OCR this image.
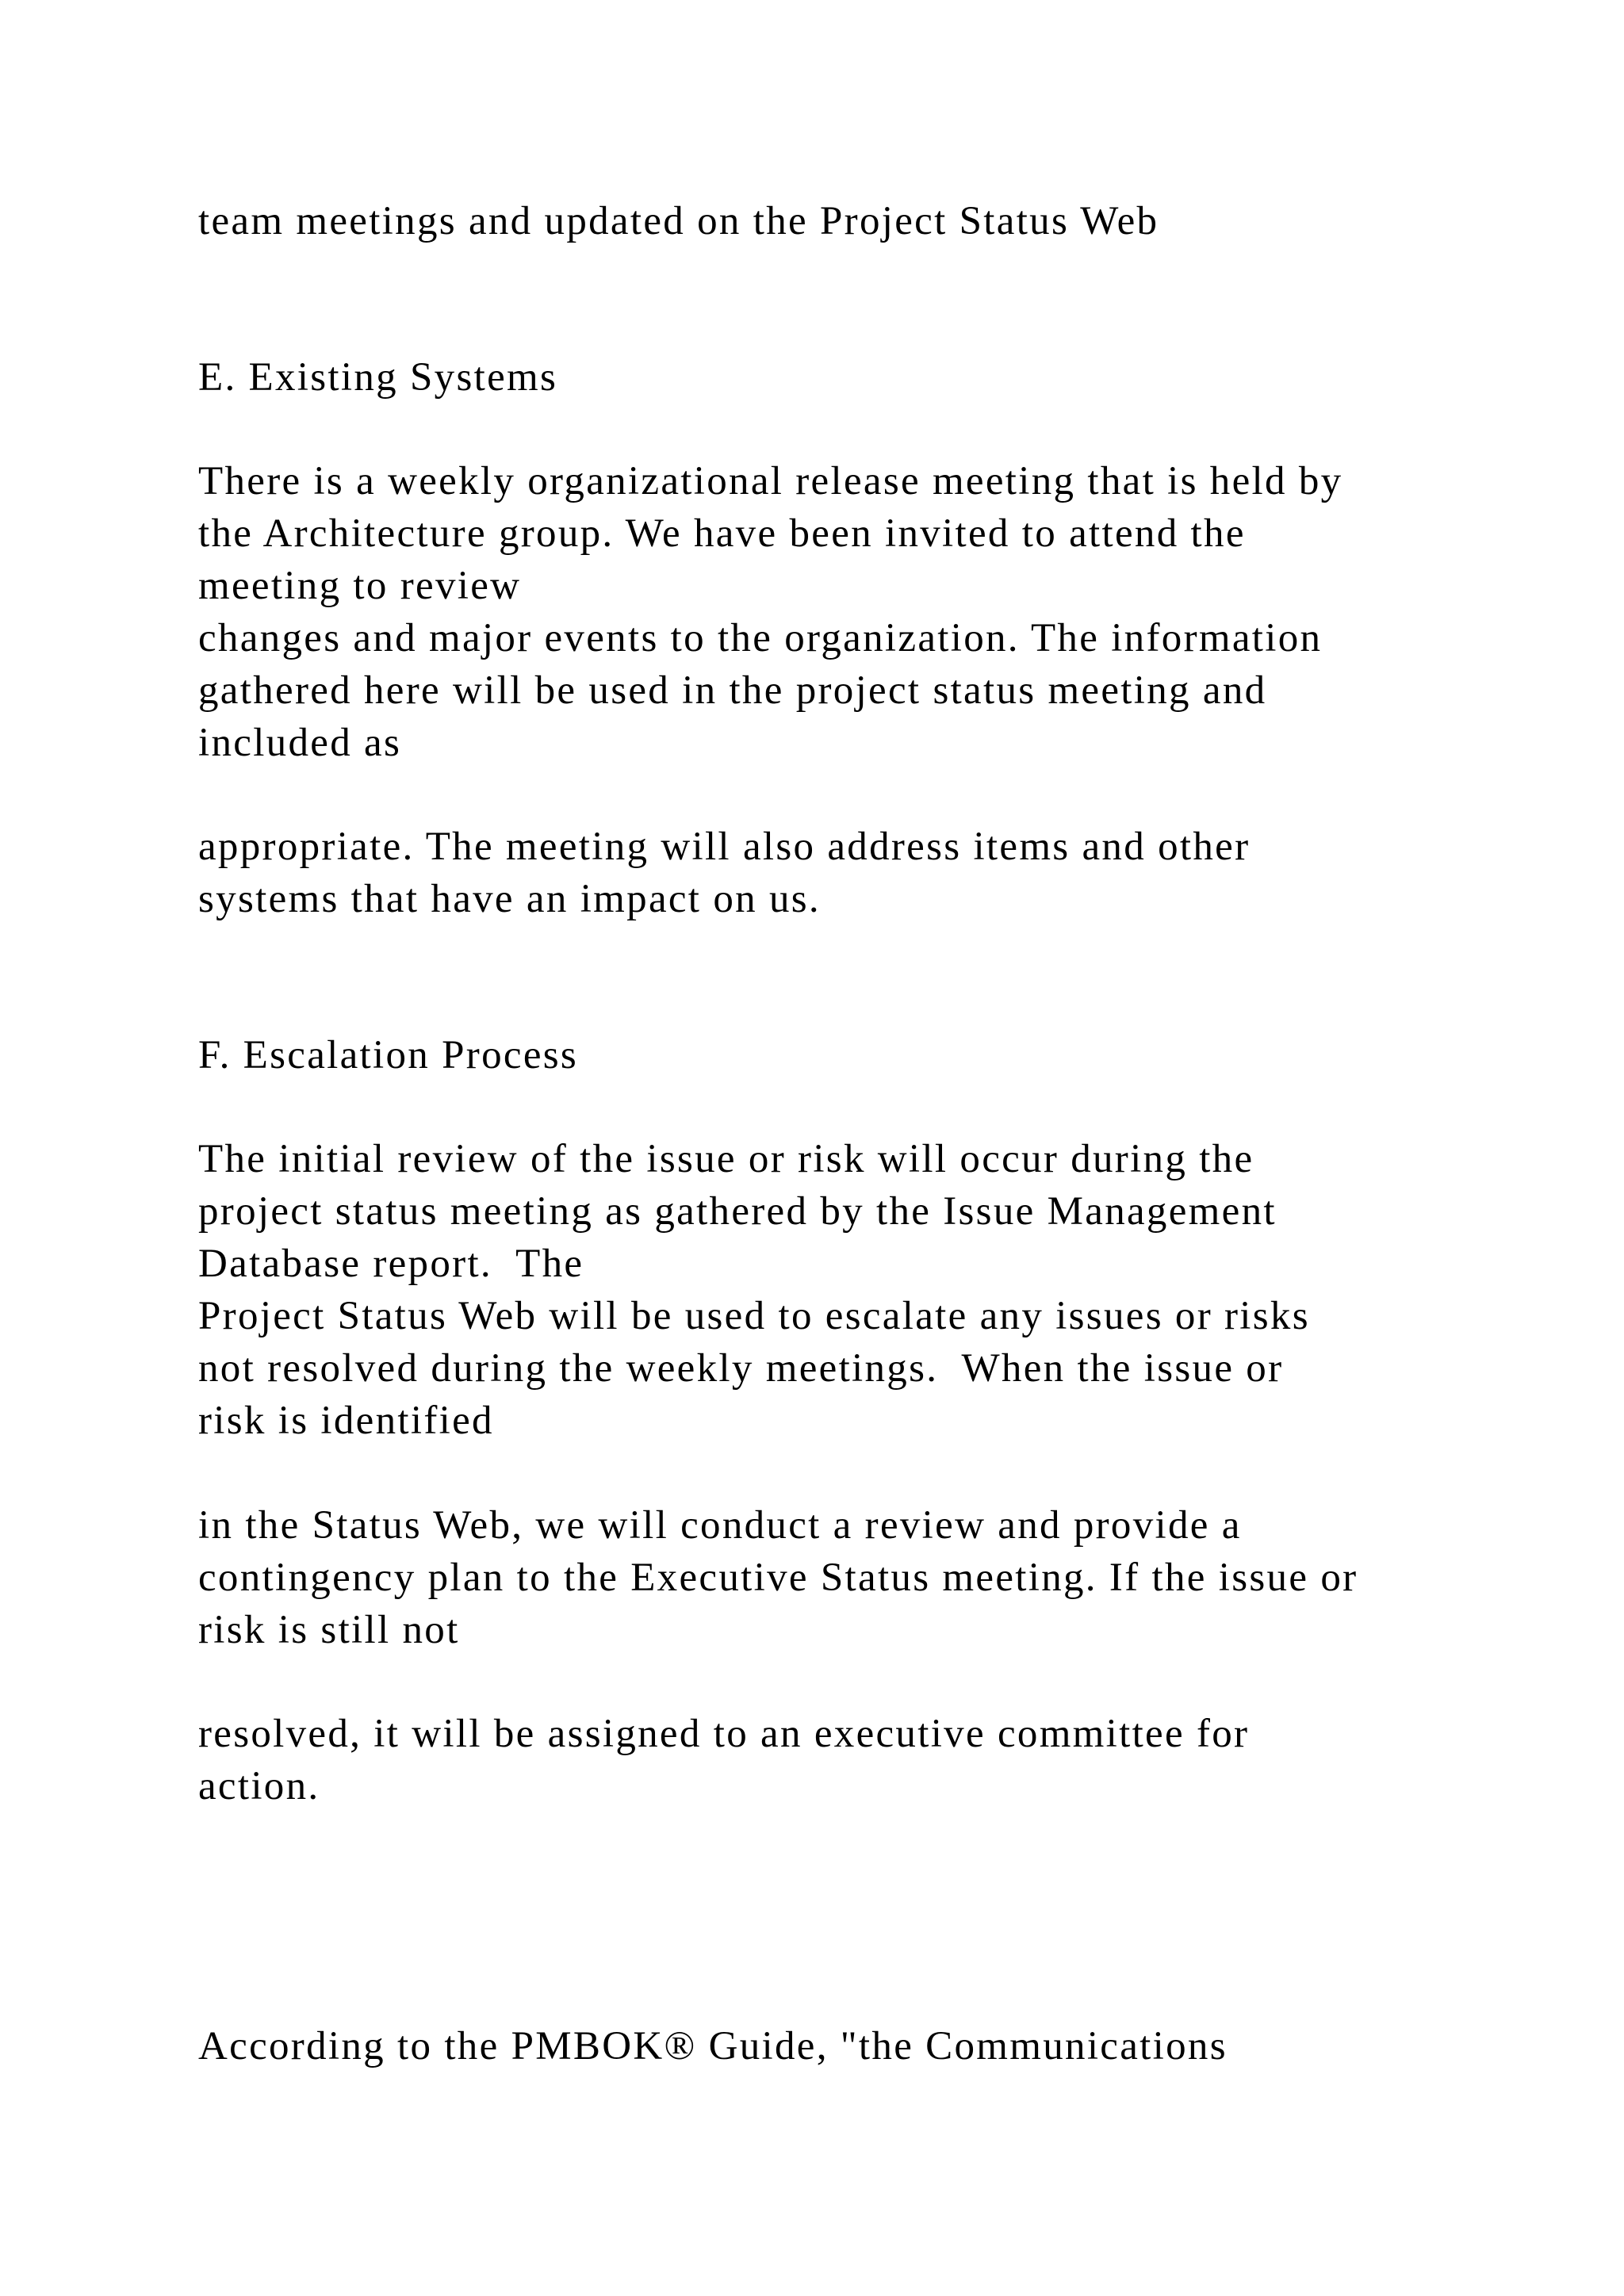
team meetings and updated on the Project Status Web

E. Existing Systems

There is a weekly organizational release meeting that is held by

the Architecture group. We have been invited to attend the

meeting to review

changes and major events to the organization. The information

gathered here will be used in the project status meeting and

included as

appropriate. The meeting will also address items and other

systems that have an impact on us.

F. Escalation Process

The initial review of the issue or risk will occur during the

project status meeting as gathered by the Issue Management

Database report.  The

Project Status Web will be used to escalate any issues or risks

not resolved during the weekly meetings.  When the issue or

risk is identified

in the Status Web, we will conduct a review and provide a

contingency plan to the Executive Status meeting. If the issue or

risk is still not

resolved, it will be assigned to an executive committee for

action.

According to the PMBOK® Guide, "the Communications
